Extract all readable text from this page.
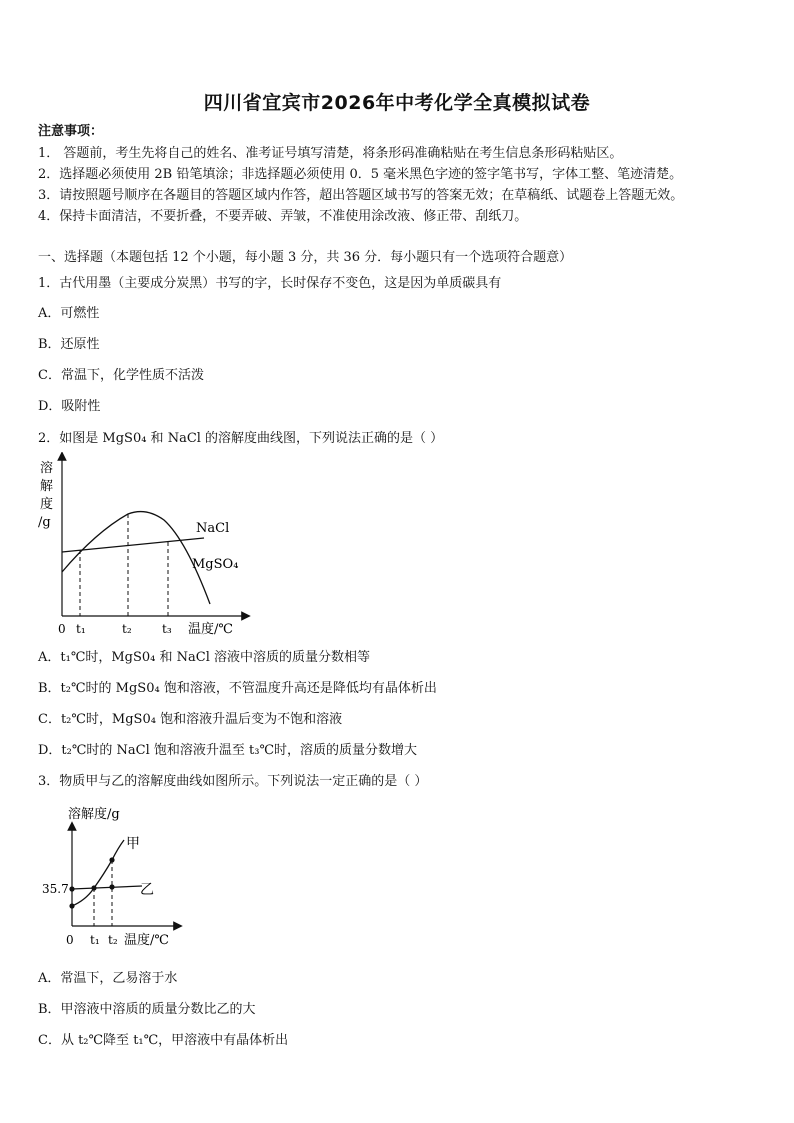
四川省宜宾市2026年中考化学全真模拟试卷
注意事项：
1． 答题前，考生先将自己的姓名、准考证号填写清楚，将条形码准确粘贴在考生信息条形码粘贴区。
2．选择题必须使用 2B 铅笔填涂；非选择题必须使用 0．5 毫米黑色字迹的签字笔书写，字体工整、笔迹清楚。
3．请按照题号顺序在各题目的答题区域内作答，超出答题区域书写的答案无效；在草稿纸、试题卷上答题无效。
4．保持卡面清洁，不要折叠，不要弄破、弄皱，不准使用涂改液、修正带、刮纸刀。
一、选择题（本题包括 12 个小题，每小题 3 分，共 36 分．每小题只有一个选项符合题意）
1．古代用墨（主要成分炭黑）书写的字，长时保存不变色，这是因为单质碳具有
A．可燃性
B．还原性
C．常温下，化学性质不活泼
D．吸附性
2．如图是 MgS0₄ 和 NaCl 的溶解度曲线图，下列说法正确的是（ ）
溶
解
度
/g	NaCl
MgSO₄
0 t₁	t₂	t₃ 温度/℃
A．t₁℃时，MgS0₄ 和 NaCl 溶液中溶质的质量分数相等
B．t₂℃时的 MgS0₄ 饱和溶液，不管温度升高还是降低均有晶体析出
C．t₂℃时，MgS0₄ 饱和溶液升温后变为不饱和溶液
D．t₂℃时的 NaCl 饱和溶液升温至 t₃℃时，溶质的质量分数增大
3．物质甲与乙的溶解度曲线如图所示。下列说法一定正确的是（ ）
溶解度/g
35.7
甲
乙
0 t₁ t₂ 温度/℃
A．常温下，乙易溶于水
B．甲溶液中溶质的质量分数比乙的大
C．从 t₂℃降至 t₁℃，甲溶液中有晶体析出
